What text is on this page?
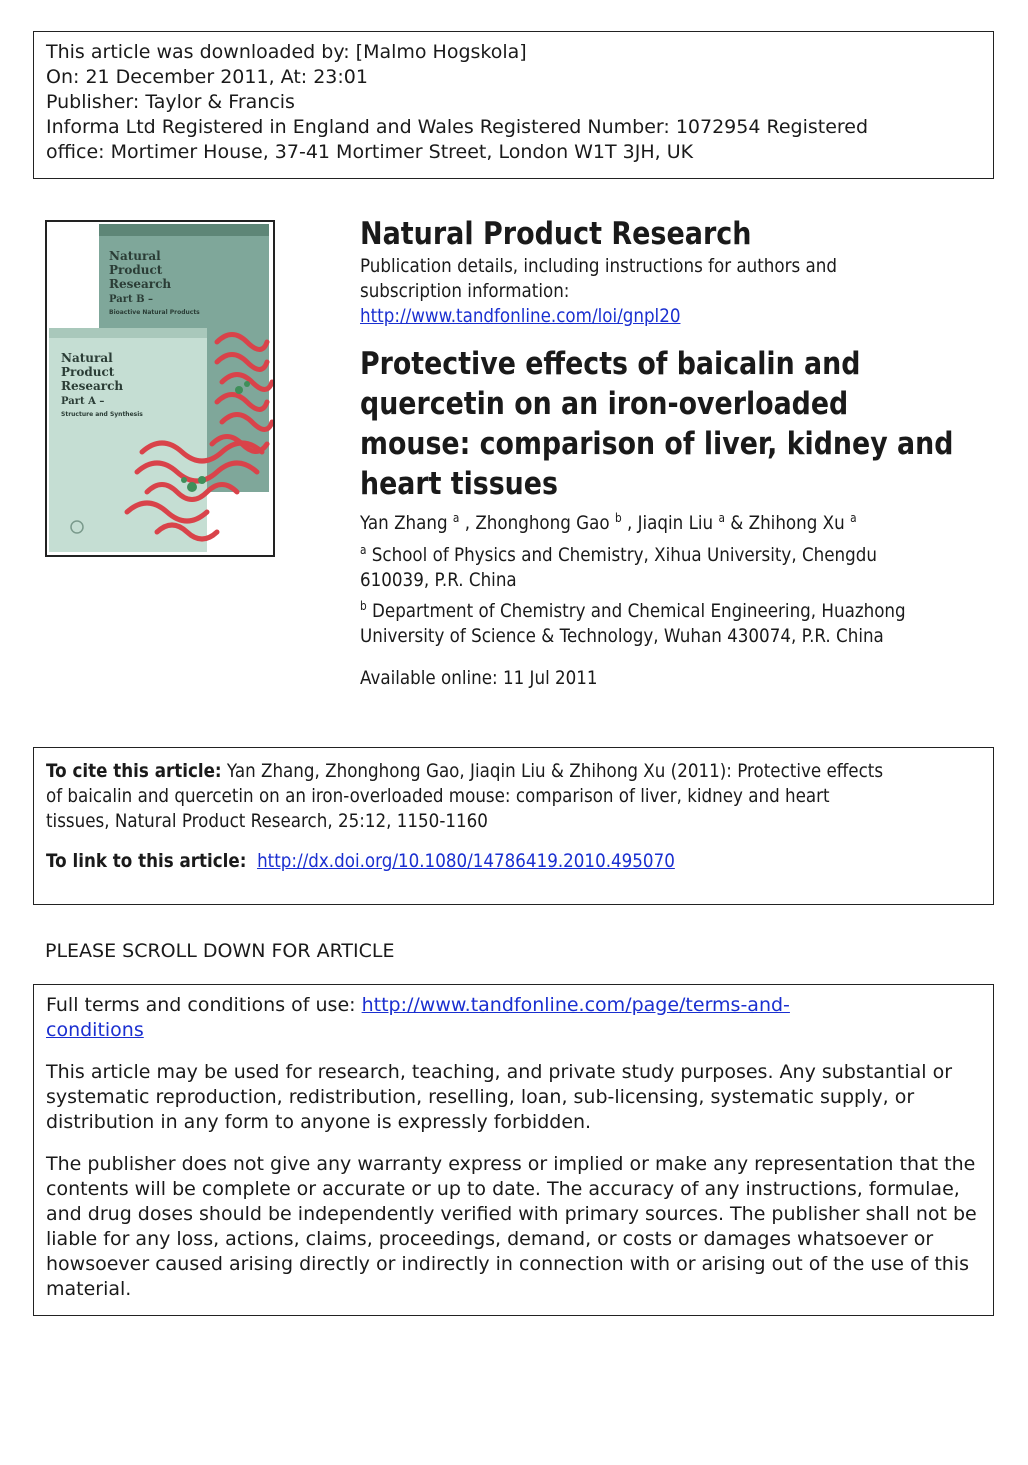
This article was downloaded by: [Malmo Hogskola]
On: 21 December 2011, At: 23:01
Publisher: Taylor & Francis
Informa Ltd Registered in England and Wales Registered Number: 1072954 Registered
office: Mortimer House, 37-41 Mortimer Street, London W1T 3JH, UK
Natural
Product
Research
Part B –
Bioactive Natural Products
Natural
Product
Research
Part A –
Structure and Synthesis
Natural Product Research
Publication details, including instructions for authors and
subscription information:
http://www.tandfonline.com/loi/gnpl20
Protective effects of baicalin and
quercetin on an iron-overloaded
mouse: comparison of liver, kidney and
heart tissues
Yan Zhang $^a$ , Zhonghong Gao $^b$ , Jiaqin Liu $^a$ & Zhihong Xu $^a$
$^a$ School of Physics and Chemistry, Xihua University, Chengdu
610039, P.R. China
$^b$ Department of Chemistry and Chemical Engineering, Huazhong
University of Science & Technology, Wuhan 430074, P.R. China
Available online: 11 Jul 2011
To cite this article: Yan Zhang, Zhonghong Gao, Jiaqin Liu & Zhihong Xu (2011): Protective effects
of baicalin and quercetin on an iron-overloaded mouse: comparison of liver, kidney and heart
tissues, Natural Product Research, 25:12, 1150-1160
To link to this article: http://dx.doi.org/10.1080/14786419.2010.495070
PLEASE SCROLL DOWN FOR ARTICLE

Full terms and conditions of use: http://www.tandfonline.com/page/terms-and-
conditions

This article may be used for research, teaching, and private study purposes. Any substantial or systematic reproduction, redistribution, reselling, loan, sub-licensing, systematic supply, or distribution in any form to anyone is expressly forbidden.

The publisher does not give any warranty express or implied or make any representation that the contents will be complete or accurate or up to date. The accuracy of any instructions, formulae, and drug doses should be independently verified with primary sources. The publisher shall not be liable for any loss, actions, claims, proceedings, demand, or costs or damages whatsoever or howsoever caused arising directly or indirectly in connection with or arising out of the use of this material.
